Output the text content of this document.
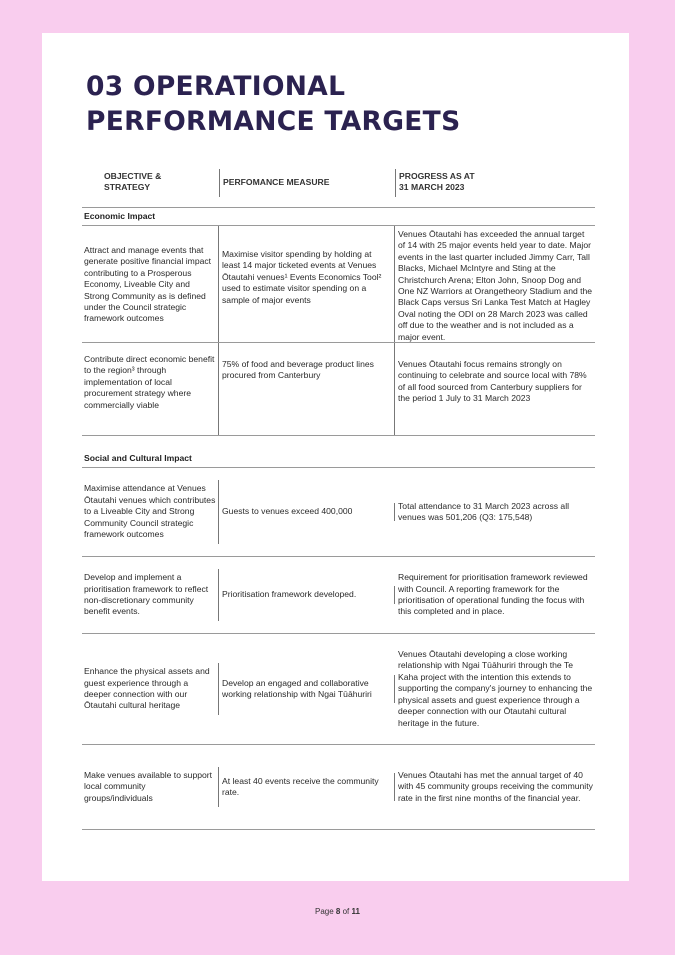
03 OPERATIONAL
PERFORMANCE TARGETS
OBJECTIVE &
STRATEGY	PERFOMANCE MEASURE
PROGRESS AS AT
31 MARCH 2023
Economic Impact
Attract and manage events that generate positive financial impact contributing to a Prosperous Economy, Liveable City and Strong Community as is defined under the Council strategic framework outcomes
Maximise visitor spending by holding at least 14 major ticketed events at Venues Ōtautahi venues¹ Events Economics Tool² used to estimate visitor spending on a sample of major events
Venues Ōtautahi has exceeded the annual target of 14 with 25 major events held year to date. Major events in the last quarter included Jimmy Carr, Tall Blacks, Michael McIntyre and Sting at the Christchurch Arena; Elton John, Snoop Dog and One NZ Warriors at Orangetheory Stadium and the Black Caps versus Sri Lanka Test Match at Hagley Oval noting the ODI on 28 March 2023 was called off due to the weather and is not included as a major event.
Contribute direct economic benefit to the region³ through implementation of local procurement strategy where commercially viable
75% of food and beverage product lines procured from Canterbury
Venues Ōtautahi focus remains strongly on continuing to celebrate and source local with 78% of all food sourced from Canterbury suppliers for the period 1 July to 31 March 2023
Social and Cultural Impact
Maximise attendance at Venues Ōtautahi venues which contributes to a Liveable City and Strong Community Council strategic framework outcomes
Guests to venues exceed 400,000
Total attendance to 31 March 2023 across all venues was 501,206 (Q3: 175,548)
Develop and implement a prioritisation framework to reflect non-discretionary community benefit events.
Prioritisation framework developed.
Requirement for prioritisation framework reviewed with Council. A reporting framework for the prioritisation of operational funding the focus with this completed and in place.
Enhance the physical assets and guest experience through a deeper connection with our Ōtautahi cultural heritage
Develop an engaged and collaborative working relationship with Ngai Tūāhuriri
Venues Ōtautahi developing a close working relationship with Ngai Tūāhuriri through the Te Kaha project with the intention this extends to supporting the company's journey to enhancing the physical assets and guest experience through a deeper connection with our Ōtautahi cultural heritage in the future.
Make venues available to support local community groups/individuals
At least 40 events receive the community rate.
Venues Ōtautahi has met the annual target of 40 with 45 community groups receiving the community rate in the first nine months of the financial year.
Page 8 of 11
